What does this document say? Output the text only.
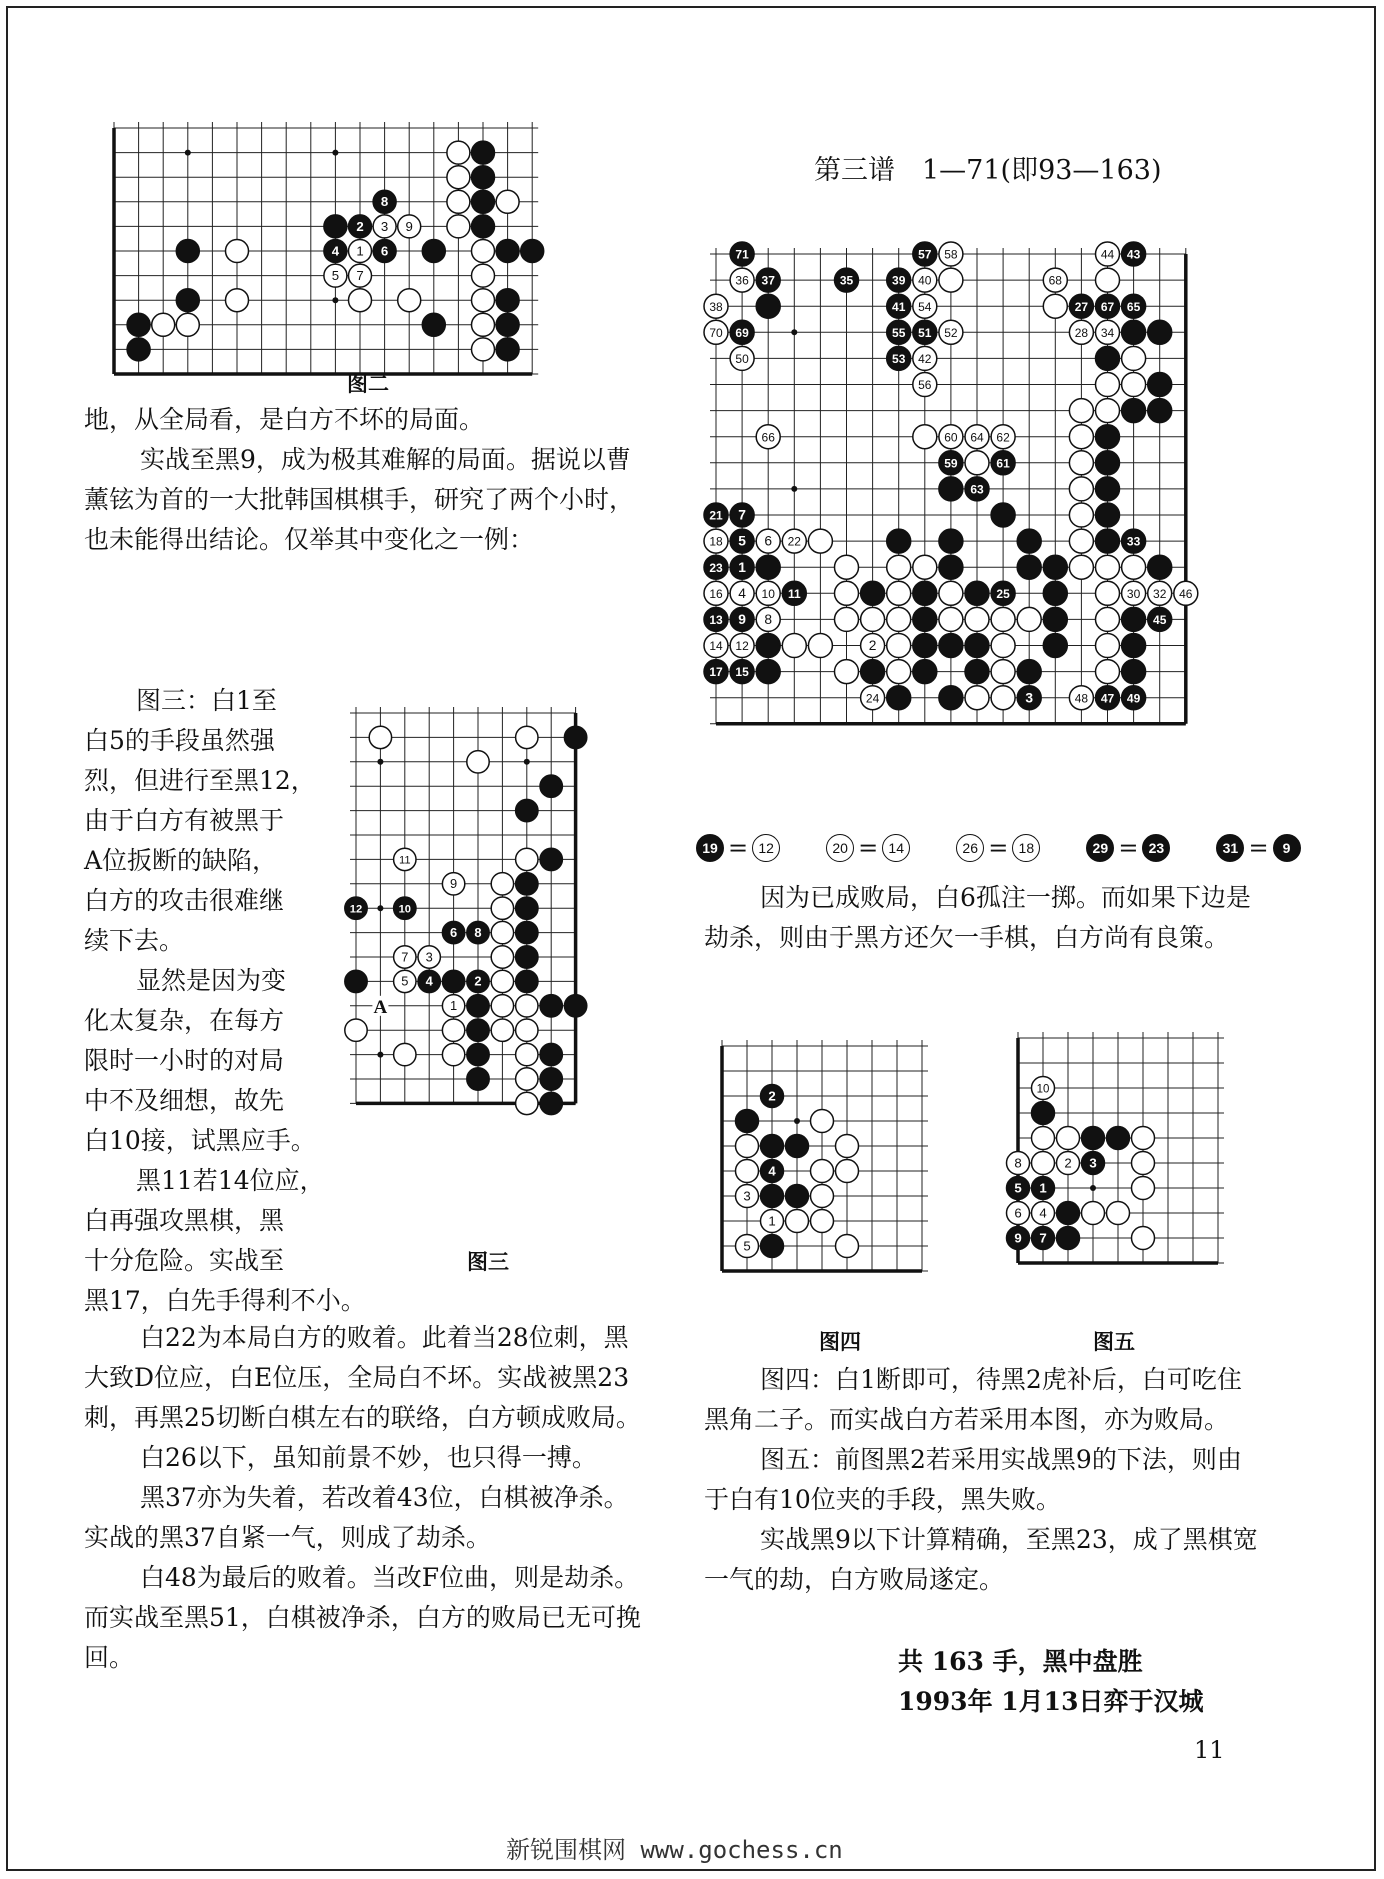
8
2 3 9
4 1 6
5 7
图二

地，从全局看，是白方不坏的局面。

实战至黑9，成为极其难解的局面。据说以曹薰铉为首的一大批韩国棋棋手，研究了两个小时，也未能得出结论。仅举其中变化之一例：

图三：白1至
白5的手段虽然强
烈，但进行至黑12，
由于白方有被黑于
A位扳断的缺陷，
白方的攻击很难继
续下去。
显然是因为变
化太复杂，在每方
限时一小时的对局
中不及细想，故先
白10接，试黑应手。
黑11若14位应，
白再强攻黑棋，黑
十分危险。实战至
黑17，白先手得利不小。
11
9
12	10
6 8
7 3
5 4	2
1
A
图三

白22为本局白方的败着。此着当28位刺，黑大致D位应，白E位压，全局白不坏。实战被黑23刺，再黑25切断白棋左右的联络，白方顿成败局。

白26以下，虽知前景不妙，也只得一搏。

黑37亦为失着，若改着43位，白棋被净杀。实战的黑37自紧一气，则成了劫杀。

白48为最后的败着。当改F位曲，则是劫杀。而实战至黑51，白棋被净杀，白方的败局已无可挽回。

第三谱　1—71(即93—163)
71	57 58	44 43
36 37	35	39 40	68
38	41 54	27 67 65
70 69	55 51 52	28 34
50	53 42
56
66	60 64 62
59	61
63
21 7
18 5 6 22	33
23 1
16 4 10 11	25	30 32 46
13 9 8	45
14 12	2
17 15
24	3	48 47 49
19 = 12	20 = 14	26 = 18	29 = 23	31 =	9

因为已成败局，白6孤注一掷。而如果下边是劫杀，则由于黑方还欠一手棋，白方尚有良策。

2
4
3
1
5
10
8	2 3
5 1
6 4
9 7
图四	图五

图四：白1断即可，待黑2虎补后，白可吃住黑角二子。而实战白方若采用本图，亦为败局。

图五：前图黑2若采用实战黑9的下法，则由于白有10位夹的手段，黑失败。

实战黑9以下计算精确，至黑23，成了黑棋宽一气的劫，白方败局遂定。

共 163 手，黑中盘胜
1993年 1月13日弈于汉城
11
新锐围棋网 www.gochess.cn
